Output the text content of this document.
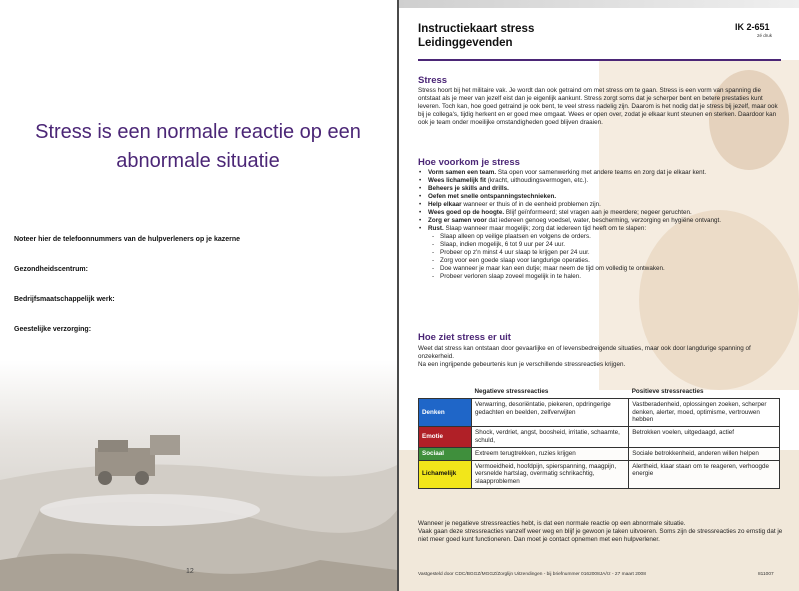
Stress is een normale reactie op een abnormale situatie
Noteer hier de telefoonnummers van de hulpverleners op je kazerne
Gezondheidscentrum:
Bedrijfsmaatschappelijk werk:
Geestelijke verzorging:
12
Instructiekaart stress
Leidinggevenden
IK 2-651
2é druk
Stress
Stress hoort bij het militaire vak. Je wordt dan ook getraind om met stress om te gaan. Stress is een vorm van spanning die ontstaat als je meer van jezelf eist dan je eigenlijk aankunt. Stress zorgt soms dat je scherper bent en betere prestaties kunt leveren. Toch kan, hoe goed getraind je ook bent, te veel stress nadelig zijn. Daarom is het nodig dat je stress bij jezelf, maar ook bij je collega's, tijdig herkent en er goed mee omgaat. Wees er open over, zodat je elkaar kunt steunen en sterken. Daardoor kan ook je team onder moeilijke omstandigheden goed blijven draaien.
Hoe voorkom je stress
• Vorm samen een team. Sta open voor samenwerking met andere teams en zorg dat je elkaar kent.
• Wees lichamelijk fit (kracht, uithoudingsvermogen, etc.).
• Beheers je skills and drills.
• Oefen met snelle ontspanningstechnieken.
• Help elkaar wanneer er thuis of in de eenheid problemen zijn.
• Wees goed op de hoogte. Blijf geïnformeerd; stel vragen aan je meerdere; negeer geruchten.
• Zorg er samen voor dat iedereen genoeg voedsel, water, bescherming, verzorging en hygiëne ontvangt.
• Rust. Slaap wanneer maar mogelijk; zorg dat iedereen tijd heeft om te slapen:
- Slaap alleen op veilige plaatsen en volgens de orders.
- Slaap, indien mogelijk, 6 tot 9 uur per 24 uur.
- Probeer op z'n minst 4 uur slaap te krijgen per 24 uur.
- Zorg voor een goede slaap voor langdurige operaties.
- Doe wanneer je maar kan een dutje; maar neem de tijd om volledig te ontwaken.
- Probeer verloren slaap zoveel mogelijk in te halen.
Hoe ziet stress er uit
Weet dat stress kan ontstaan door gevaarlijke en of levensbedreigende situaties, maar ook door langdurige spanning of onzekerheid.
Na een ingrijpende gebeurtenis kun je verschillende stressreacties krijgen.
	Negatieve stressreacties	Positieve stressreacties
Denken	Verwarring, desoriëntatie, piekeren, opdringerige gedachten en beelden, zelfverwijten	Vastberadenheid, oplossingen zoeken, scherper denken, alerter, moed, optimisme, vertrouwen hebben
Emotie	Shock, verdriet, angst, boosheid, irritatie, schaamte, schuld,	Betrokken voelen, uitgedaagd, actief
Sociaal	Extreem terugtrekken, ruzies krijgen	Sociale betrokkenheid, anderen willen helpen
Lichamelijk	Vermoeidheid, hoofdpijn, spierspanning, maagpijn, versnelde hartslag, overmatig schrikachtig, slaapproblemen	Alertheid, klaar staan om te reageren, verhoogde energie
Wanneer je negatieve stressreacties hebt, is dat een normale reactie op een abnormale situatie.
Vaak gaan deze stressreacties vanzelf weer weg en blijf je gewoon je taken uitvoeren. Soms zijn de stressreacties zo ernstig dat je niet meer goed kunt functioneren. Dan moet je contact opnemen met een hulpverlener.
Vastgesteld door CDC/BGGZ/MGGZ/Zorglijn Uitzendingen - bij briefnummer 0162008JA/rz - 27 maart 2008	811007
